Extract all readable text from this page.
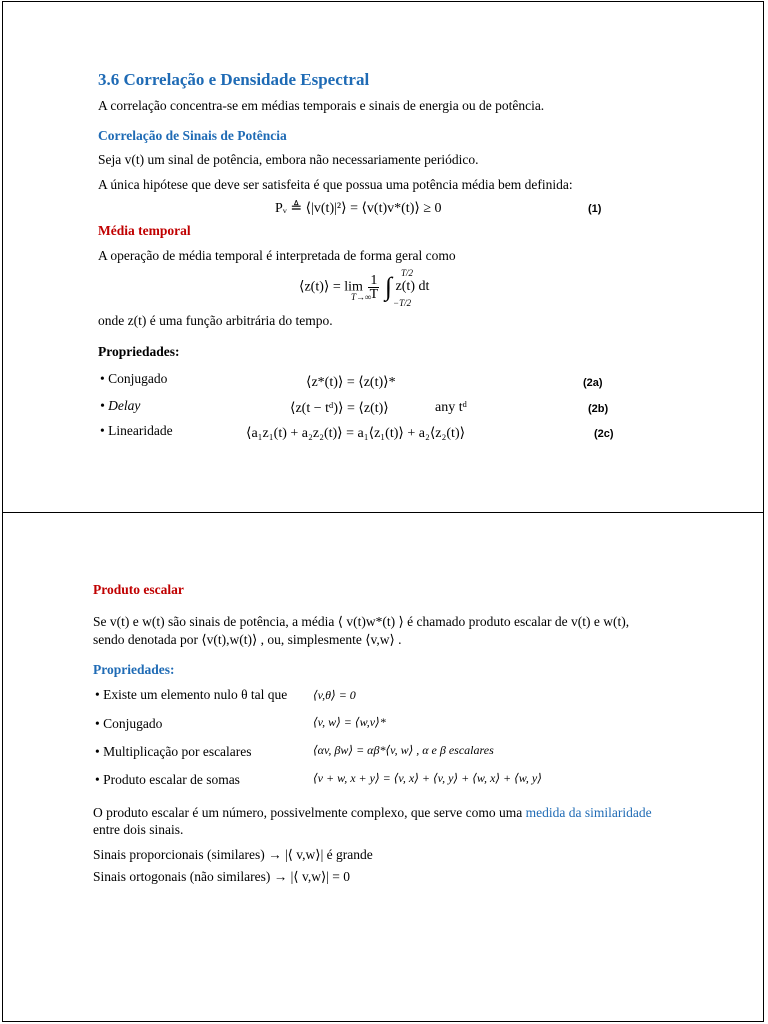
3.6 Correlação e Densidade Espectral
A correlação concentra-se em médias temporais e sinais de energia ou de potência.
Correlação de Sinais de Potência
Seja v(t) um sinal de potência, embora não necessariamente periódico.
A única hipótese que deve ser satisfeita é que possua uma potência média bem definida:
Pᵥ ≜ ⟨|v(t)|²⟩ = ⟨v(t)v*(t)⟩ ≥ 0	(1)
Média temporal
A operação de média temporal é interpretada de forma geral como
⟨z(t)⟩ = $\lim \frac{1}{T}$ ∫ z(t) dt
T→∞
T/2
−T/2
onde z(t) é uma função arbitrária do tempo.
Propriedades:
• Conjugado	⟨z*(t)⟩ = ⟨z(t)⟩*	(2a)
• Delay	⟨z(t − tᵈ)⟩ = ⟨z(t)⟩	any tᵈ	(2b)
• Linearidade	⟨a₁z₁(t) + a₂z₂(t)⟩ = a₁⟨z₁(t)⟩ + a₂⟨z₂(t)⟩	(2c)
Produto escalar
Se v(t) e w(t) são sinais de potência, a média ⟨ v(t)w*(t) ⟩ é chamado produto escalar de v(t) e w(t),
sendo denotada por ⟨v(t),w(t)⟩ , ou, simplesmente ⟨v,w⟩ .
Propriedades:
• Existe um elemento nulo θ tal que ⟨v,θ⟩ = 0
• Conjugado	⟨v, w⟩ = ⟨w,v⟩*
• Multiplicação por escalares	⟨αv, βw⟩ = αβ*⟨v, w⟩ , α e β escalares
• Produto escalar de somas	⟨v + w, x + y⟩ = ⟨v, x⟩ + ⟨v, y⟩ + ⟨w, x⟩ + ⟨w, y⟩
O produto escalar é um número, possivelmente complexo, que serve como uma medida da similaridade
entre dois sinais.
Sinais proporcionais (similares) → |⟨ v,w⟩| é grande
Sinais ortogonais (não similares) → |⟨ v,w⟩| = 0
